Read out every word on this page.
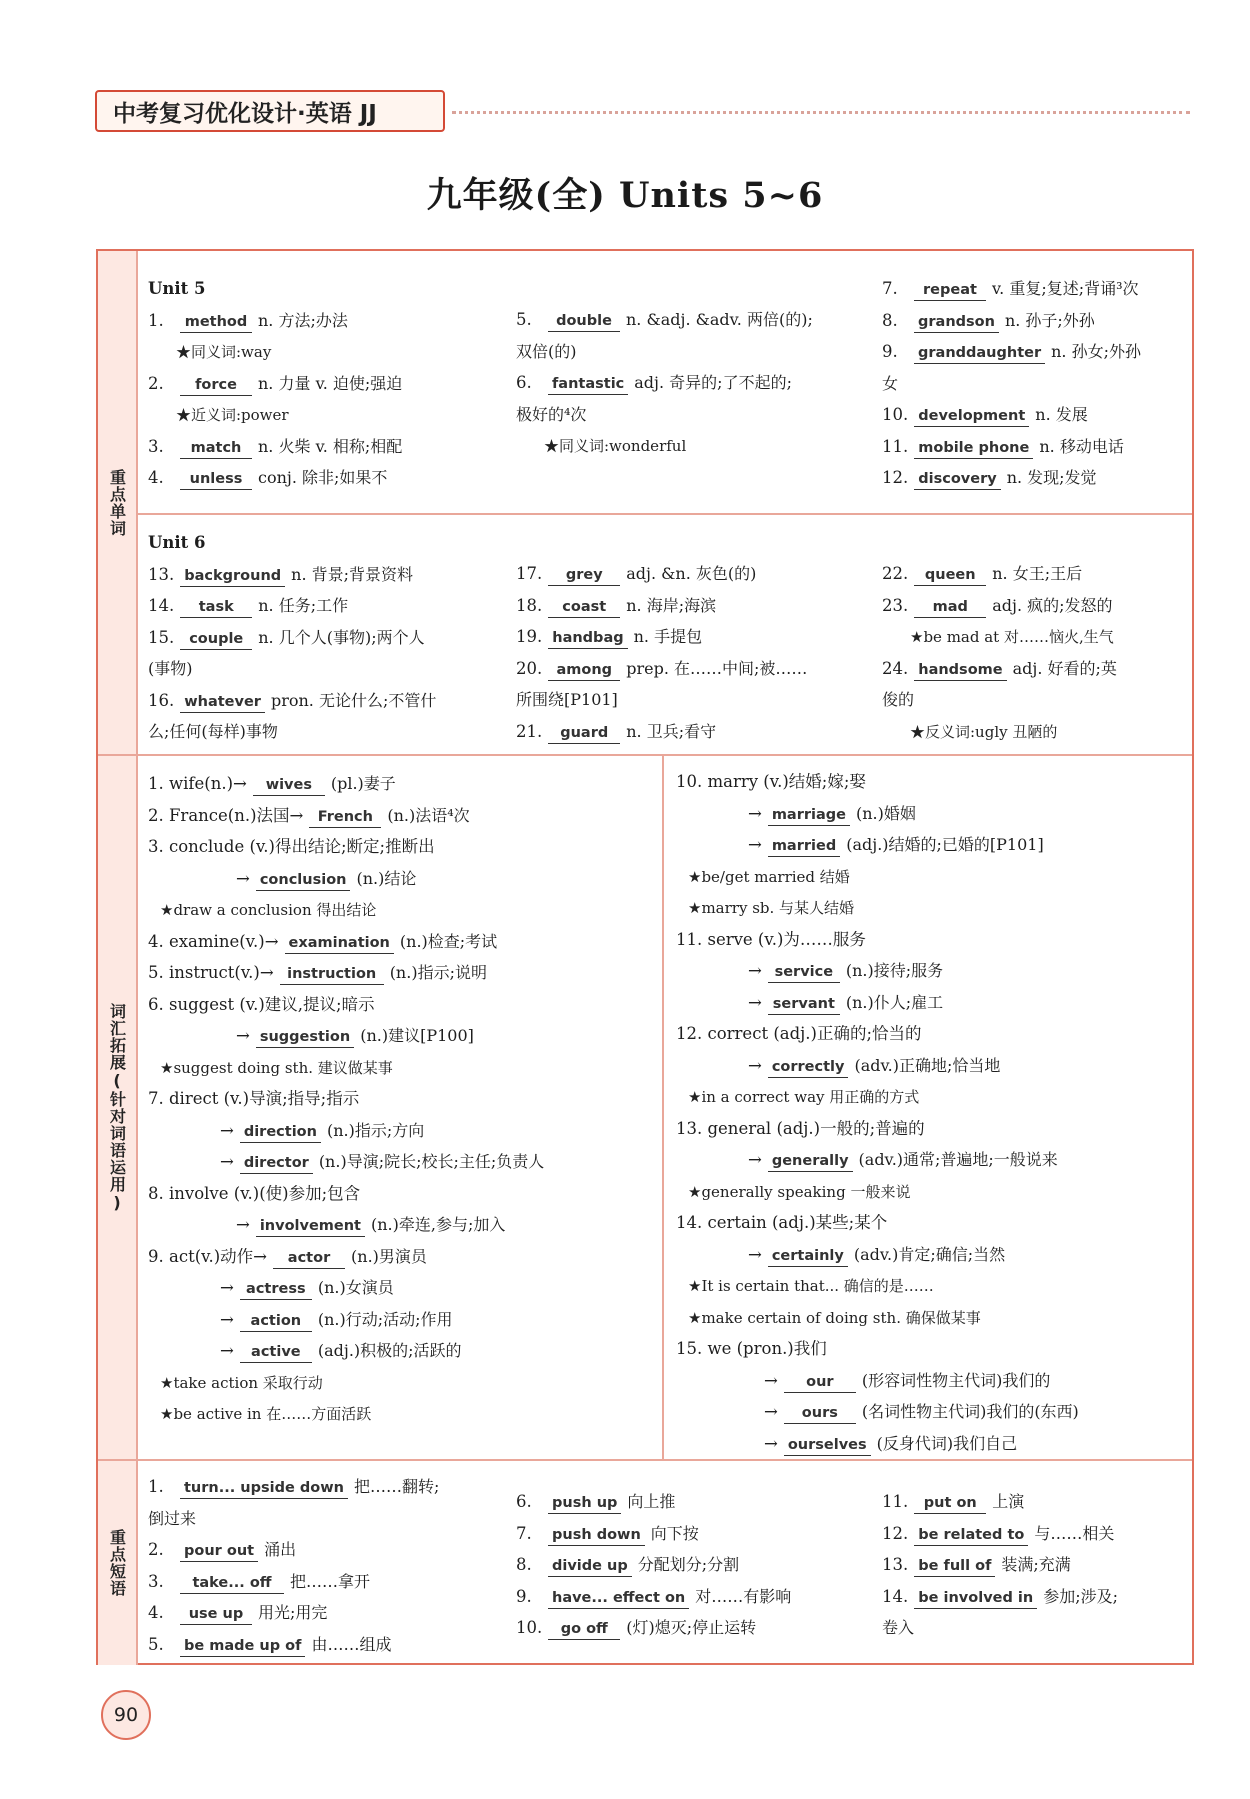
中考复习优化设计·英语 JJ
九年级(全) Units 5~6
重点单词
Unit 5
1. method n. 方法;办法
★同义词:way
2. force n. 力量 v. 迫使;强迫
★近义词:power
3. match n. 火柴 v. 相称;相配
4. unless conj. 除非;如果不
5. double n. &adj. &adv. 两倍(的);
双倍(的)
6. fantastic adj. 奇异的;了不起的;
极好的⁴次
★同义词:wonderful
7. repeat v. 重复;复述;背诵³次
8. grandson n. 孙子;外孙
9. granddaughter n. 孙女;外孙
女
10. development n. 发展
11. mobile phone n. 移动电话
12. discovery n. 发现;发觉
Unit 6
13. background n. 背景;背景资料
14. task n. 任务;工作
15. couple n. 几个人(事物);两个人
(事物)
16. whatever pron. 无论什么;不管什
么;任何(每样)事物
17. grey adj. &n. 灰色(的)
18. coast n. 海岸;海滨
19. handbag n. 手提包
20. among prep. 在……中间;被……
所围绕[P101]
21. guard n. 卫兵;看守
22. queen n. 女王;王后
23. mad adj. 疯的;发怒的
★be mad at 对……恼火,生气
24. handsome adj. 好看的;英
俊的
★反义词:ugly 丑陋的
词汇拓展(针对词语运用)
1. wife(n.)→ wives (pl.)妻子
2. France(n.)法国→ French (n.)法语⁴次
3. conclude (v.)得出结论;断定;推断出
→ conclusion (n.)结论
★draw a conclusion 得出结论
4. examine(v.)→ examination (n.)检查;考试
5. instruct(v.)→ instruction (n.)指示;说明
6. suggest (v.)建议,提议;暗示
→ suggestion (n.)建议[P100]
★suggest doing sth. 建议做某事
7. direct (v.)导演;指导;指示
→ direction (n.)指示;方向
→ director (n.)导演;院长;校长;主任;负责人
8. involve (v.)(使)参加;包含
→ involvement (n.)牵连,参与;加入
9. act(v.)动作→ actor (n.)男演员
→ actress (n.)女演员
→ action (n.)行动;活动;作用
→ active (adj.)积极的;活跃的
★take action 采取行动
★be active in 在……方面活跃
10. marry (v.)结婚;嫁;娶
→ marriage (n.)婚姻
→ married (adj.)结婚的;已婚的[P101]
★be/get married 结婚
★marry sb. 与某人结婚
11. serve (v.)为……服务
→ service (n.)接待;服务
→ servant (n.)仆人;雇工
12. correct (adj.)正确的;恰当的
→ correctly (adv.)正确地;恰当地
★in a correct way 用正确的方式
13. general (adj.)一般的;普遍的
→ generally (adv.)通常;普遍地;一般说来
★generally speaking 一般来说
14. certain (adj.)某些;某个
→ certainly (adv.)肯定;确信;当然
★It is certain that... 确信的是……
★make certain of doing sth. 确保做某事
15. we (pron.)我们
→ our (形容词性物主代词)我们的
→ ours (名词性物主代词)我们的(东西)
→ ourselves (反身代词)我们自己
重点短语
1. turn... upside down 把……翻转;
倒过来
2. pour out 涌出
3. take... off 把……拿开
4. use up 用光;用完
5. be made up of 由……组成
6. push up 向上推
7. push down 向下按
8. divide up 分配划分;分割
9. have... effect on 对……有影响
10. go off (灯)熄灭;停止运转
11. put on 上演
12. be related to 与……相关
13. be full of 装满;充满
14. be involved in 参加;涉及;
卷入
90
